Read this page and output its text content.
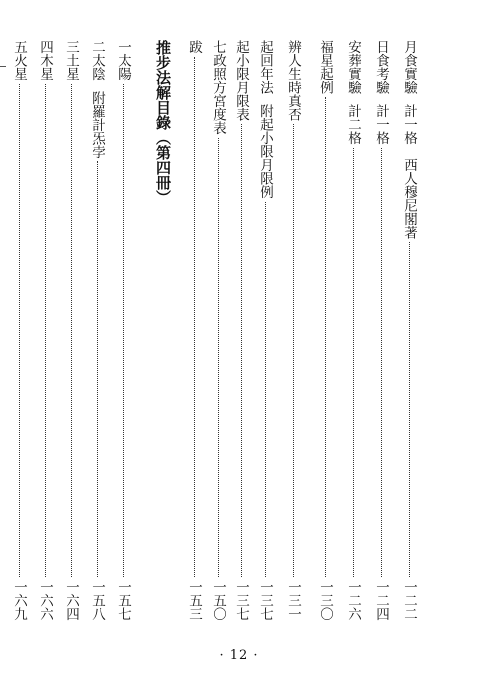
月食實驗
計一格　西人穆尼閣著
一二二
日食考驗
計一格
一二四
安葬實驗
計二格
一二六
福星起例
一三〇
辨人生時真否
一三一
起回年法
附起小限月限例
一三七
起小限月限表
一三七
七政照方宮度表
一五〇
跋
一五三
推步法解目錄（第四冊）
一太陽
一五七
二太陰
附羅計炁孛
一五八
三土星
一六四
四木星
一六六
五火星
一六九
· 12 ·
